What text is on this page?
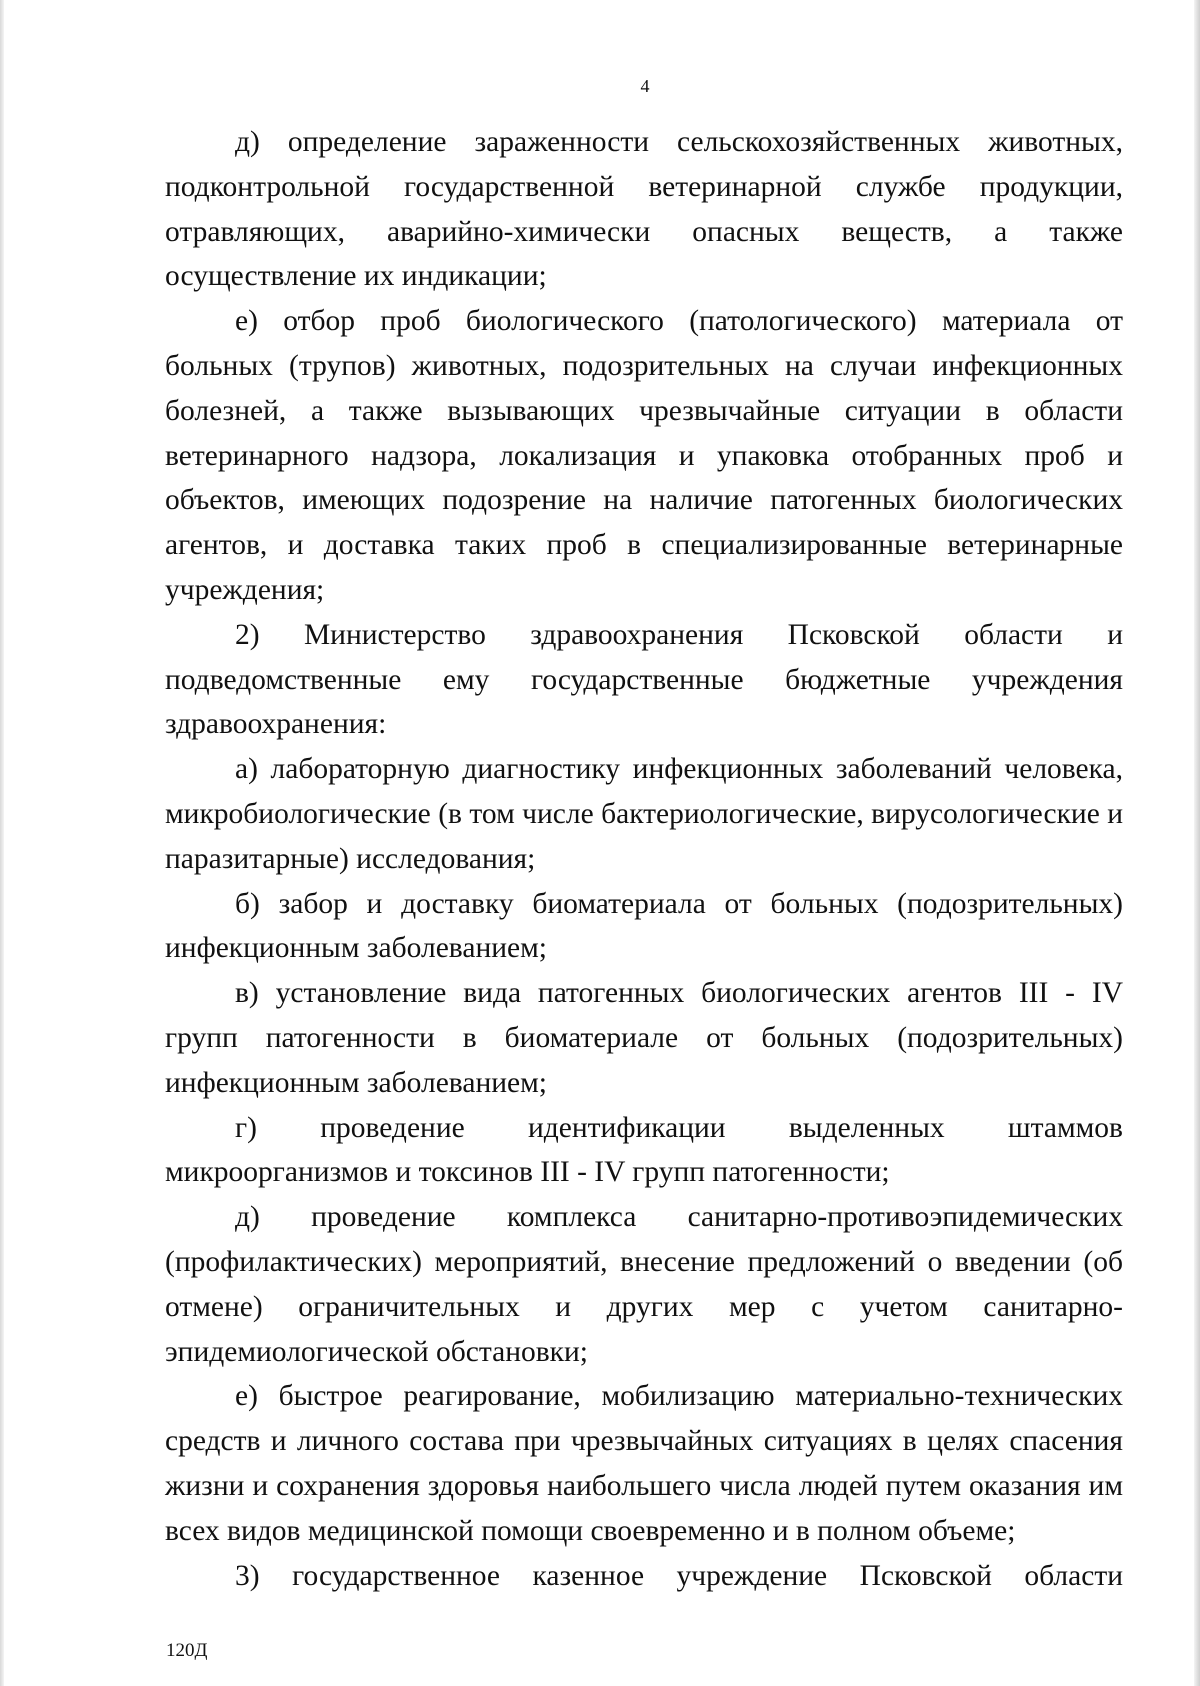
4

д) определение зараженности сельскохозяйственных животных, подконтрольной государственной ветеринарной службе продукции, отравляющих, аварийно-химически опасных веществ, а также осуществление их индикации;

е) отбор проб биологического (патологического) материала от больных (трупов) животных, подозрительных на случаи инфекционных болезней, а также вызывающих чрезвычайные ситуации в области ветеринарного надзора, локализация и упаковка отобранных проб и объектов, имеющих подозрение на наличие патогенных биологических агентов, и доставка таких проб в специализированные ветеринарные учреждения;

2) Министерство здравоохранения Псковской области и подведомственные ему государственные бюджетные учреждения здравоохранения:

а) лабораторную диагностику инфекционных заболеваний человека, микробиологические (в том числе бактериологические, вирусологические и паразитарные) исследования;

б) забор и доставку биоматериала от больных (подозрительных) инфекционным заболеванием;

в) установление вида патогенных биологических агентов III - IV групп патогенности в биоматериале от больных (подозрительных) инфекционным заболеванием;

г) проведение идентификации выделенных штаммов микроорганизмов и токсинов III - IV групп патогенности;

д) проведение комплекса санитарно-противоэпидемических (профилактических) мероприятий, внесение предложений о введении (об отмене) ограничительных и других мер с учетом санитарно-эпидемиологической обстановки;

е) быстрое реагирование, мобилизацию материально-технических средств и личного состава при чрезвычайных ситуациях в целях спасения жизни и сохранения здоровья наибольшего числа людей путем оказания им всех видов медицинской помощи своевременно и в полном объеме;

3) государственное казенное учреждение Псковской области

120Д
